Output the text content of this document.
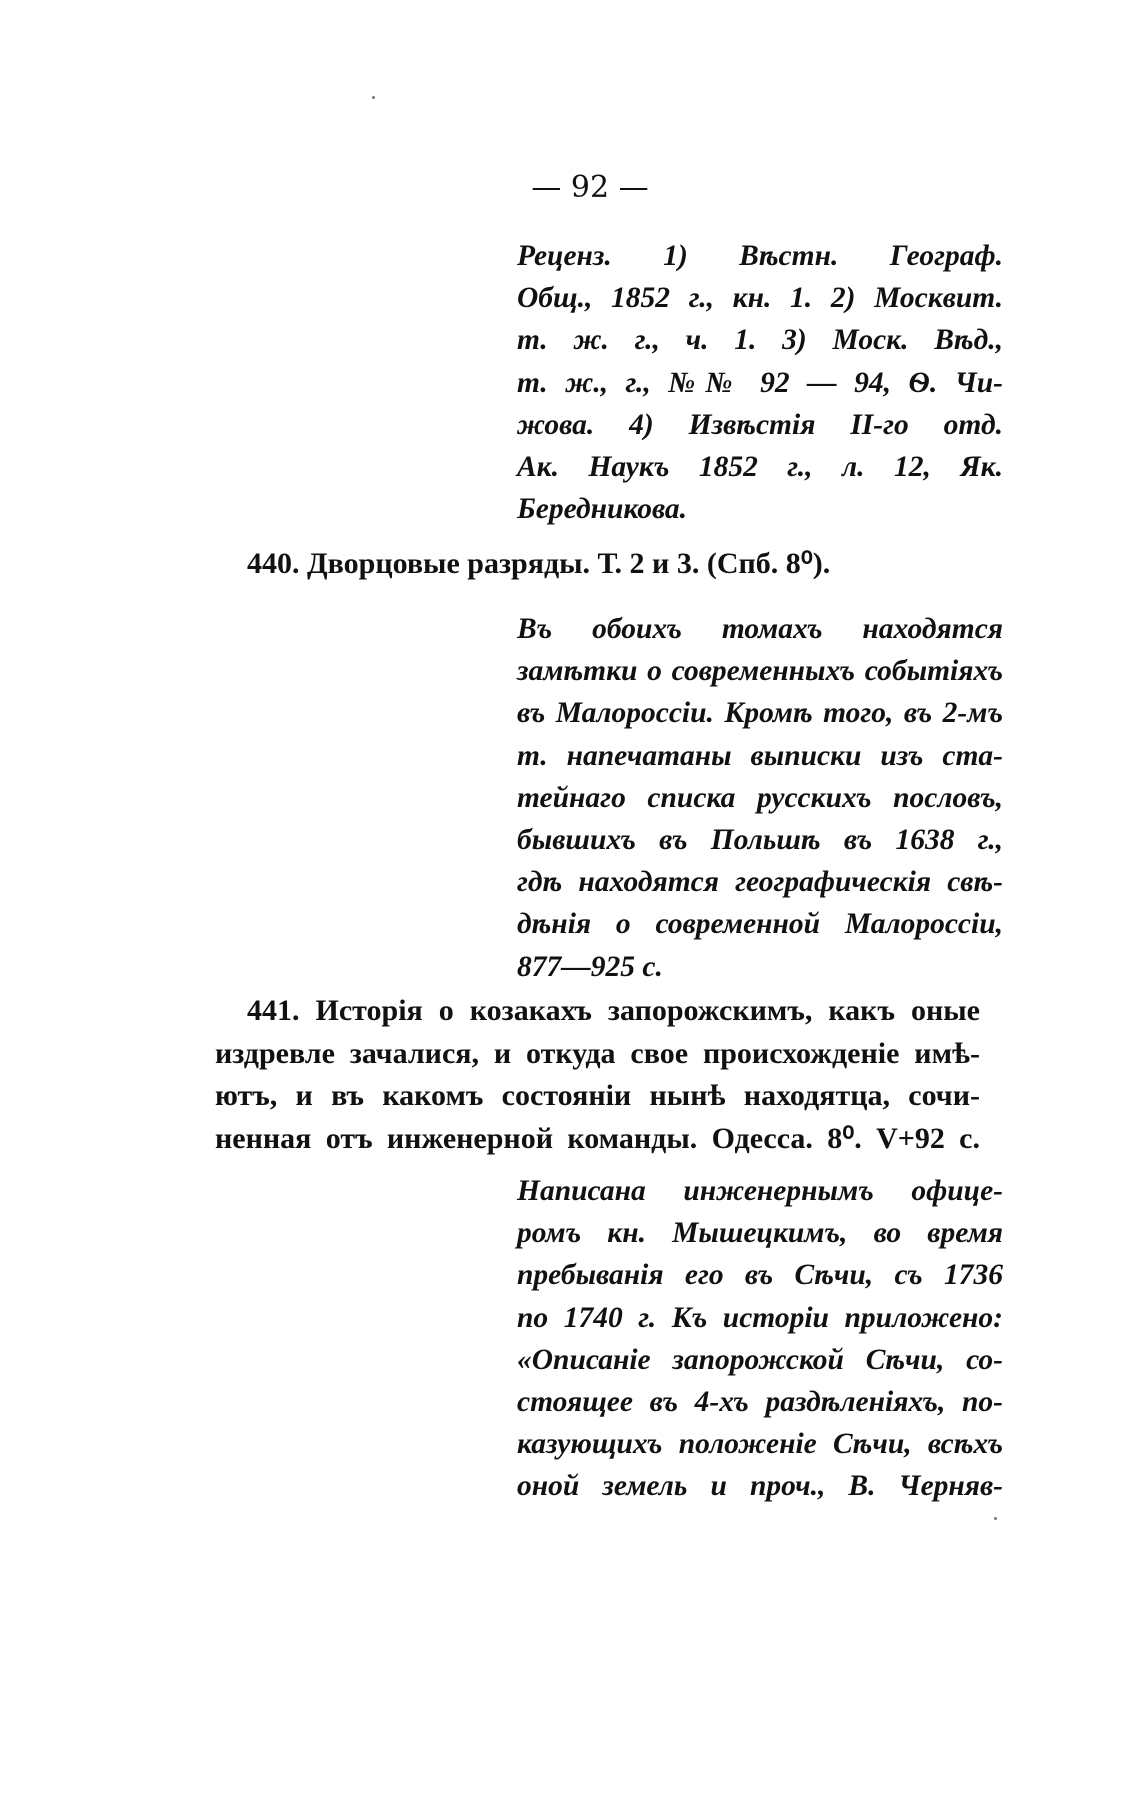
— 92 —
Реценз. 1) Вѣстн. Географ.
Общ., 1852 г., кн. 1. 2) Москвит.
т. ж. г., ч. 1. 3) Моск. Вѣд.,
т. ж., г., №№ 92 — 94, Ѳ. Чи-
жова. 4) Извѣстія II-го отд.
Ак. Наукъ 1852 г., л. 12, Як.
Бередникова.
440. Дворцовые разряды. Т. 2 и 3. (Спб. 8⁰).
Въ обоихъ томахъ находятся
замѣтки о современныхъ событіяхъ
въ Малороссіи. Кромѣ того, въ 2-мъ
т. напечатаны выписки изъ ста-
тейнаго списка русскихъ пословъ,
бывшихъ въ Польшѣ въ 1638 г.,
гдѣ находятся географическія свѣ-
дѣнія о современной Малороссіи,
877—925 с.
441. Исторія о козакахъ запорожскимъ, какъ оные
издревле зачалися, и откуда свое происхожденіе имѣ-
ютъ, и въ какомъ состояніи нынѣ находятца, сочи-
ненная отъ инженерной команды. Одесса. 8⁰. V+92 с.
Написана инженернымъ офице-
ромъ кн. Мышецкимъ, во время
пребыванія его въ Сѣчи, съ 1736
по 1740 г. Къ исторіи приложено:
«Описаніе запорожской Сѣчи, со-
стоящее въ 4-хъ раздѣленіяхъ, по-
казующихъ положеніе Сѣчи, всѣхъ
оной земель и проч., В. Черняв-
